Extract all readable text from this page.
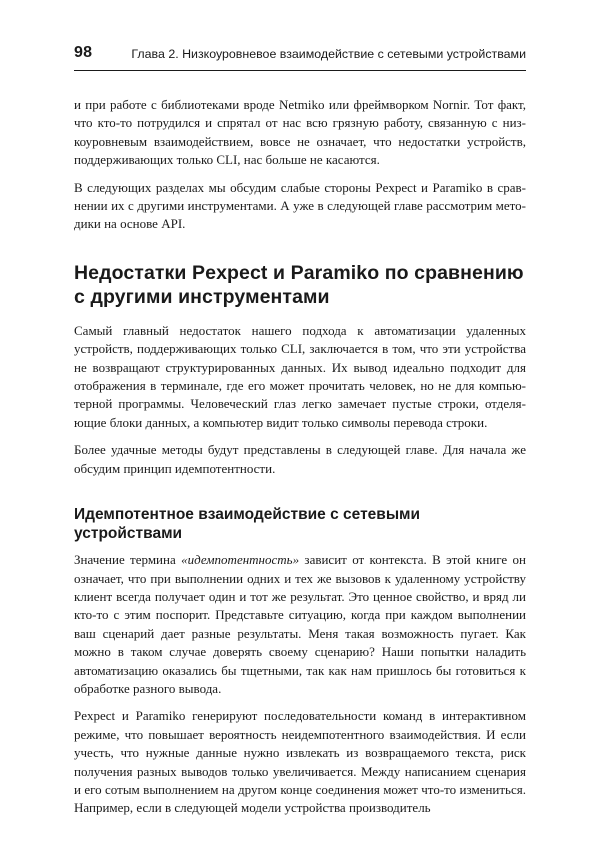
98	Глава 2. Низкоуровневое взаимодействие с сетевыми устройствами

и при работе с библиотеками вроде Netmiko или фреймворком Nornir. Тот факт, что кто-то потрудился и спрятал от нас всю грязную работу, связанную с низкоуровневым взаимодействием, вовсе не означает, что недостатки устройств, поддерживающих только CLI, нас больше не касаются.

В следующих разделах мы обсудим слабые стороны Pexpect и Paramiko в сравнении их с другими инструментами. А уже в следующей главе рассмотрим методики на основе API.

Недостатки Pexpect и Paramiko по сравнению с другими инструментами

Самый главный недостаток нашего подхода к автоматизации удаленных устройств, поддерживающих только CLI, заключается в том, что эти устройства не возвращают структурированных данных. Их вывод идеально подходит для отображения в терминале, где его может прочитать человек, но не для компьютерной программы. Человеческий глаз легко замечает пустые строки, отделяющие блоки данных, а компьютер видит только символы перевода строки.

Более удачные методы будут представлены в следующей главе. Для начала же обсудим принцип идемпотентности.

Идемпотентное взаимодействие с сетевыми устройствами

Значение термина «идемпотентность» зависит от контекста. В этой книге он означает, что при выполнении одних и тех же вызовов к удаленному устройству клиент всегда получает один и тот же результат. Это ценное свойство, и вряд ли кто-то с этим поспорит. Представьте ситуацию, когда при каждом выполнении ваш сценарий дает разные результаты. Меня такая возможность пугает. Как можно в таком случае доверять своему сценарию? Наши попытки наладить автоматизацию оказались бы тщетными, так как нам пришлось бы готовиться к обработке разного вывода.

Pexpect и Paramiko генерируют последовательности команд в интерактивном режиме, что повышает вероятность неидемпотентного взаимодействия. И если учесть, что нужные данные нужно извлекать из возвращаемого текста, риск получения разных выводов только увеличивается. Между написанием сценария и его сотым выполнением на другом конце соединения может что-то измениться. Например, если в следующей модели устройства производитель
